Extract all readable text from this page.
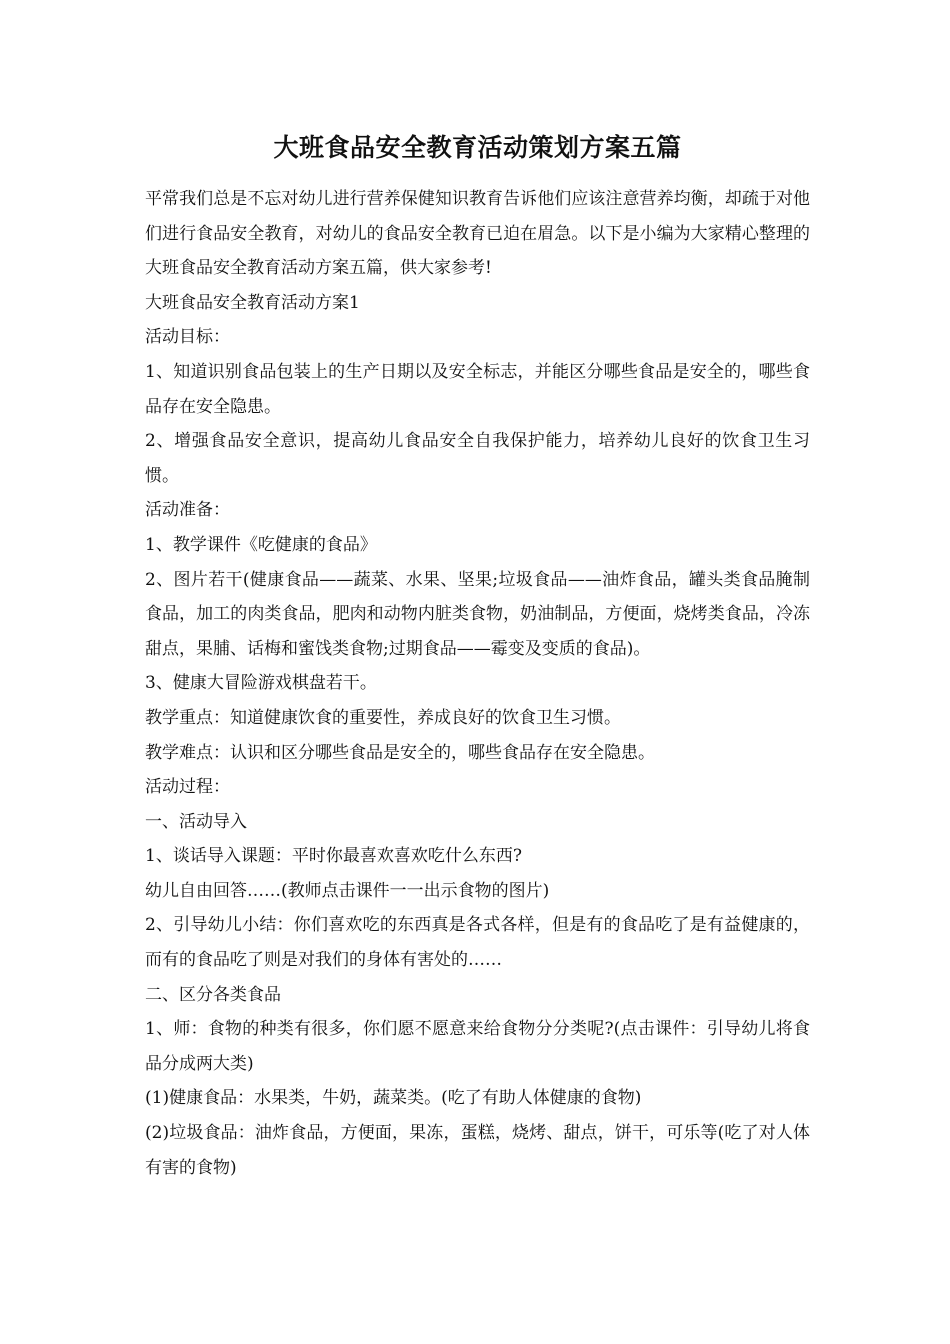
大班食品安全教育活动策划方案五篇

平常我们总是不忘对幼儿进行营养保健知识教育告诉他们应该注意营养均衡，却疏于对他们进行食品安全教育，对幼儿的食品安全教育已迫在眉急。以下是小编为大家精心整理的大班食品安全教育活动方案五篇，供大家参考!

大班食品安全教育活动方案1

活动目标：

1、知道识别食品包装上的生产日期以及安全标志，并能区分哪些食品是安全的，哪些食品存在安全隐患。

2、增强食品安全意识，提高幼儿食品安全自我保护能力，培养幼儿良好的饮食卫生习惯。

活动准备：

1、教学课件《吃健康的食品》

2、图片若干(健康食品——蔬菜、水果、坚果;垃圾食品——油炸食品，罐头类食品腌制食品，加工的肉类食品，肥肉和动物内脏类食物，奶油制品，方便面，烧烤类食品，冷冻甜点，果脯、话梅和蜜饯类食物;过期食品——霉变及变质的食品)。

3、健康大冒险游戏棋盘若干。

教学重点：知道健康饮食的重要性，养成良好的饮食卫生习惯。

教学难点：认识和区分哪些食品是安全的，哪些食品存在安全隐患。

活动过程：

一、活动导入

1、谈话导入课题：平时你最喜欢喜欢吃什么东西?

幼儿自由回答……(教师点击课件一一出示食物的图片)

2、引导幼儿小结：你们喜欢吃的东西真是各式各样，但是有的食品吃了是有益健康的，而有的食品吃了则是对我们的身体有害处的……

二、区分各类食品

1、师：食物的种类有很多，你们愿不愿意来给食物分分类呢?(点击课件：引导幼儿将食品分成两大类)

(1)健康食品：水果类，牛奶，蔬菜类。(吃了有助人体健康的食物)

(2)垃圾食品：油炸食品，方便面，果冻，蛋糕，烧烤、甜点，饼干，可乐等(吃了对人体有害的食物)
